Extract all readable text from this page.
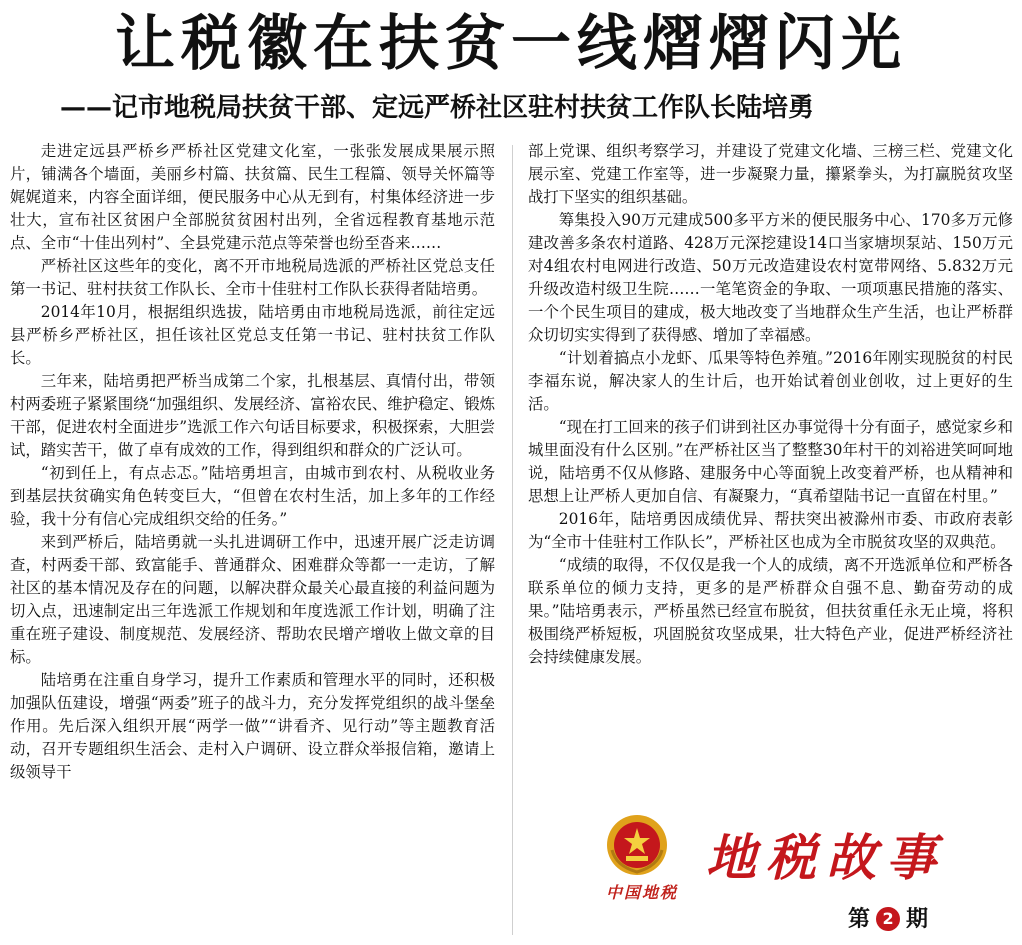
让税徽在扶贫一线熠熠闪光
——记市地税局扶贫干部、定远严桥社区驻村扶贫工作队长陆培勇

走进定远县严桥乡严桥社区党建文化室，一张张发展成果展示照片，铺满各个墙面，美丽乡村篇、扶贫篇、民生工程篇、领导关怀篇等娓娓道来，内容全面详细，便民服务中心从无到有，村集体经济进一步壮大，宣布社区贫困户全部脱贫贫困村出列，全省远程教育基地示范点、全市“十佳出列村”、全县党建示范点等荣誉也纷至沓来……

严桥社区这些年的变化，离不开市地税局选派的严桥社区党总支任第一书记、驻村扶贫工作队长、全市十佳驻村工作队长获得者陆培勇。

2014年10月，根据组织选拔，陆培勇由市地税局选派，前往定远县严桥乡严桥社区，担任该社区党总支任第一书记、驻村扶贫工作队长。

三年来，陆培勇把严桥当成第二个家，扎根基层、真情付出，带领村两委班子紧紧围绕“加强组织、发展经济、富裕农民、维护稳定、锻炼干部，促进农村全面进步”选派工作六句话目标要求，积极探索，大胆尝试，踏实苦干，做了卓有成效的工作，得到组织和群众的广泛认可。

“初到任上，有点忐忑。”陆培勇坦言，由城市到农村、从税收业务到基层扶贫确实角色转变巨大，“但曾在农村生活，加上多年的工作经验，我十分有信心完成组织交给的任务。”

来到严桥后，陆培勇就一头扎进调研工作中，迅速开展广泛走访调查，村两委干部、致富能手、普通群众、困难群众等都一一走访，了解社区的基本情况及存在的问题，以解决群众最关心最直接的利益问题为切入点，迅速制定出三年选派工作规划和年度选派工作计划，明确了注重在班子建设、制度规范、发展经济、帮助农民增产增收上做文章的目标。

陆培勇在注重自身学习，提升工作素质和管理水平的同时，还积极加强队伍建设，增强“两委”班子的战斗力，充分发挥党组织的战斗堡垒作用。先后深入组织开展“两学一做”“讲看齐、见行动”等主题教育活动，召开专题组织生活会、走村入户调研、设立群众举报信箱，邀请上级领导干

部上党课、组织考察学习，并建设了党建文化墙、三榜三栏、党建文化展示室、党建工作室等，进一步凝聚力量，攥紧拳头，为打赢脱贫攻坚战打下坚实的组织基础。

筹集投入90万元建成500多平方米的便民服务中心、170多万元修建改善多条农村道路、428万元深挖建设14口当家塘坝泵站、150万元对4组农村电网进行改造、50万元改造建设农村宽带网络、5.832万元升级改造村级卫生院……一笔笔资金的争取、一项项惠民措施的落实、一个个民生项目的建成，极大地改变了当地群众生产生活，也让严桥群众切切实实得到了获得感、增加了幸福感。

“计划着搞点小龙虾、瓜果等特色养殖。”2016年刚实现脱贫的村民李福东说，解决家人的生计后，也开始试着创业创收，过上更好的生活。

“现在打工回来的孩子们讲到社区办事觉得十分有面子，感觉家乡和城里面没有什么区别。”在严桥社区当了整整30年村干的刘裕进笑呵呵地说，陆培勇不仅从修路、建服务中心等面貌上改变着严桥，也从精神和思想上让严桥人更加自信、有凝聚力，“真希望陆书记一直留在村里。”

2016年，陆培勇因成绩优异、帮扶突出被滁州市委、市政府表彰为“全市十佳驻村工作队长”，严桥社区也成为全市脱贫攻坚的双典范。

“成绩的取得，不仅仅是我一个人的成绩，离不开选派单位和严桥各联系单位的倾力支持，更多的是严桥群众自强不息、勤奋劳动的成果。”陆培勇表示，严桥虽然已经宣布脱贫，但扶贫重任永无止境，将积极围绕严桥短板，巩固脱贫攻坚成果，壮大特色产业，促进严桥经济社会持续健康发展。

中国地税
地税故事
第 2 期
